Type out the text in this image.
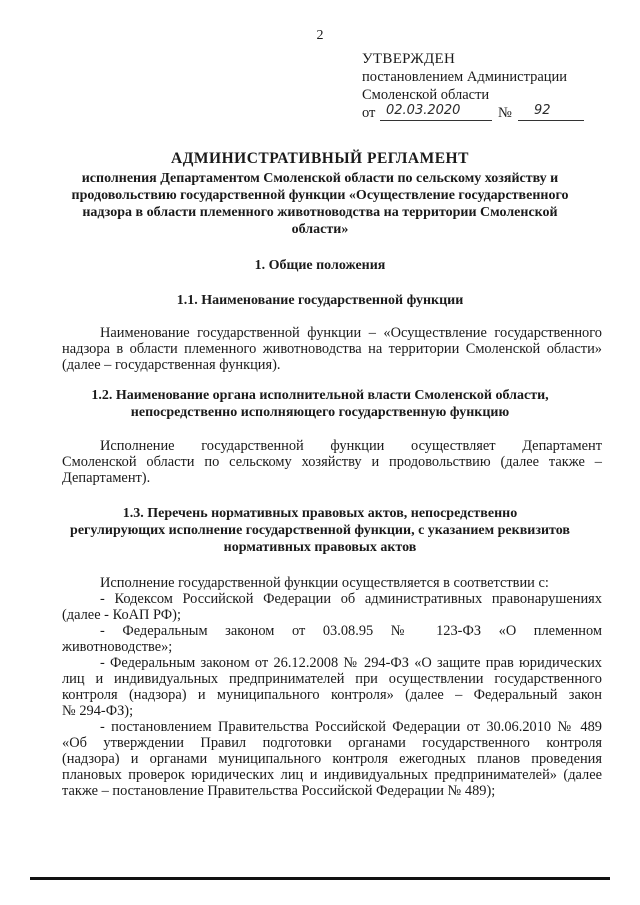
2
УТВЕРЖДЕН
постановлением Администрации
Смоленской области
от 02.03.2020	№ 92
АДМИНИСТРАТИВНЫЙ РЕГЛАМЕНТ
исполнения Департаментом Смоленской области по сельскому хозяйству и
продовольствию государственной функции «Осуществление государственного
надзора в области племенного животноводства на территории Смоленской
области»
1. Общие положения
1.1. Наименование государственной функции

Наименование государственной функции – «Осуществление государственного

надзора в области племенного животноводства на территории Смоленской области»

(далее – государственная функция).

1.2. Наименование органа исполнительной власти Смоленской области,
непосредственно исполняющего государственную функцию

Исполнение государственной функции осуществляет Департамент

Смоленской области по сельскому хозяйству и продовольствию (далее также –

Департамент).

1.3. Перечень нормативных правовых актов, непосредственно
регулирующих исполнение государственной функции, с указанием реквизитов
нормативных правовых актов

Исполнение государственной функции осуществляется в соответствии с:

- Кодексом Российской Федерации об административных правонарушениях

(далее - КоАП РФ);

- Федеральным законом от 03.08.95 № 123-ФЗ «О племенном

животноводстве»;

- Федеральным законом от 26.12.2008 № 294-ФЗ «О защите прав юридических

лиц и индивидуальных предпринимателей при осуществлении государственного

контроля (надзора) и муниципального контроля» (далее – Федеральный закон

№ 294-ФЗ);

- постановлением Правительства Российской Федерации от 30.06.2010 № 489

«Об утверждении Правил подготовки органами государственного контроля

(надзора) и органами муниципального контроля ежегодных планов проведения

плановых проверок юридических лиц и индивидуальных предпринимателей» (далее

также – постановление Правительства Российской Федерации № 489);
